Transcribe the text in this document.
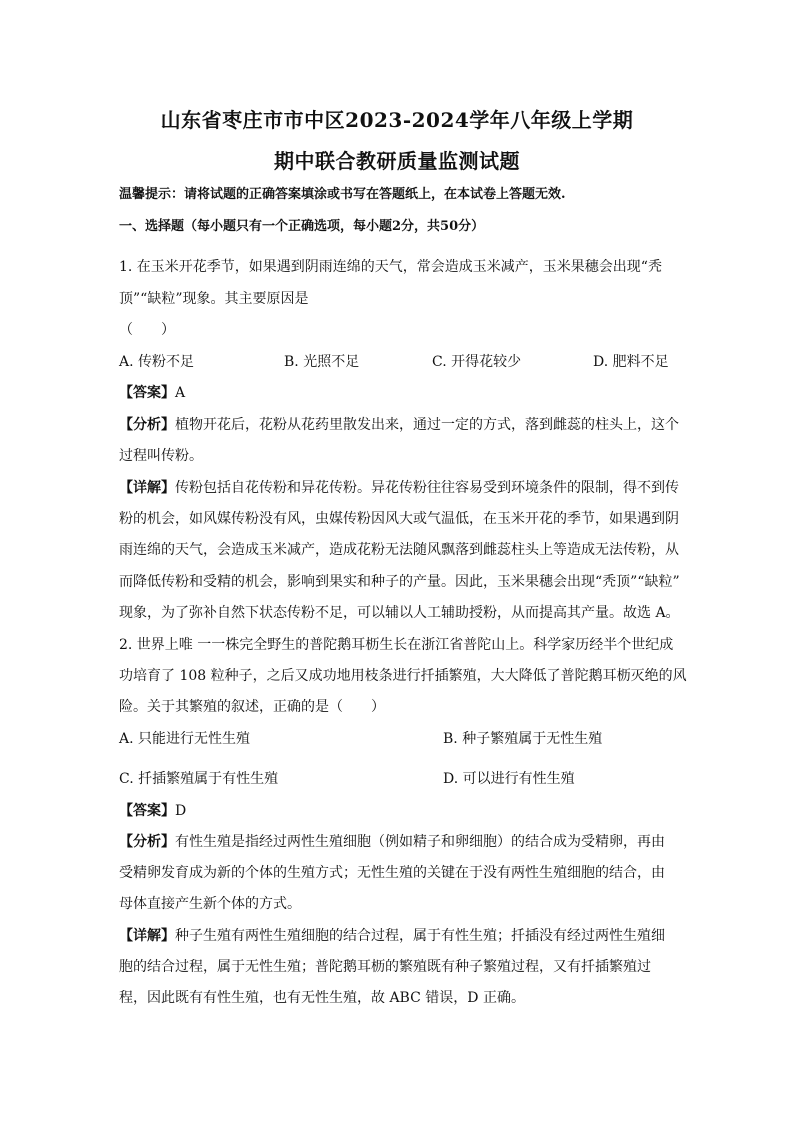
山东省枣庄市市中区2023-2024学年八年级上学期
期中联合教研质量监测试题
温馨提示：请将试题的正确答案填涂或书写在答题纸上，在本试卷上答题无效.
一、选择题（每小题只有一个正确选项，每小题2分，共50分）
1. 在玉米开花季节，如果遇到阴雨连绵的天气，常会造成玉米减产，玉米果穗会出现“秃
顶”“缺粒”现象。其主要原因是
（　　）
A. 传粉不足	B. 光照不足	C. 开得花较少	D. 肥料不足
【答案】A
【分析】植物开花后，花粉从花药里散发出来，通过一定的方式，落到雌蕊的柱头上，这个
过程叫传粉。
【详解】传粉包括自花传粉和异花传粉。异花传粉往往容易受到环境条件的限制，得不到传
粉的机会，如风媒传粉没有风，虫媒传粉因风大或气温低，在玉米开花的季节，如果遇到阴
雨连绵的天气，会造成玉米减产，造成花粉无法随风飘落到雌蕊柱头上等造成无法传粉，从
而降低传粉和受精的机会，影响到果实和种子的产量。因此，玉米果穗会出现“秃顶”“缺粒”
现象，为了弥补自然下状态传粉不足，可以辅以人工辅助授粉，从而提高其产量。故选 A。
2. 世界上唯 一一株完全野生的普陀鹅耳枥生长在浙江省普陀山上。科学家历经半个世纪成
功培育了 108 粒种子，之后又成功地用枝条进行扦插繁殖，大大降低了普陀鹅耳枥灭绝的风
险。关于其繁殖的叙述，正确的是（　　）
A. 只能进行无性生殖	B. 种子繁殖属于无性生殖
C. 扦插繁殖属于有性生殖	D. 可以进行有性生殖
【答案】D
【分析】有性生殖是指经过两性生殖细胞（例如精子和卵细胞）的结合成为受精卵，再由
受精卵发育成为新的个体的生殖方式；无性生殖的关键在于没有两性生殖细胞的结合，由
母体直接产生新个体的方式。
【详解】种子生殖有两性生殖细胞的结合过程，属于有性生殖；扦插没有经过两性生殖细
胞的结合过程，属于无性生殖；普陀鹅耳枥的繁殖既有种子繁殖过程，又有扦插繁殖过
程，因此既有有性生殖，也有无性生殖，故 ABC 错误，D 正确。
